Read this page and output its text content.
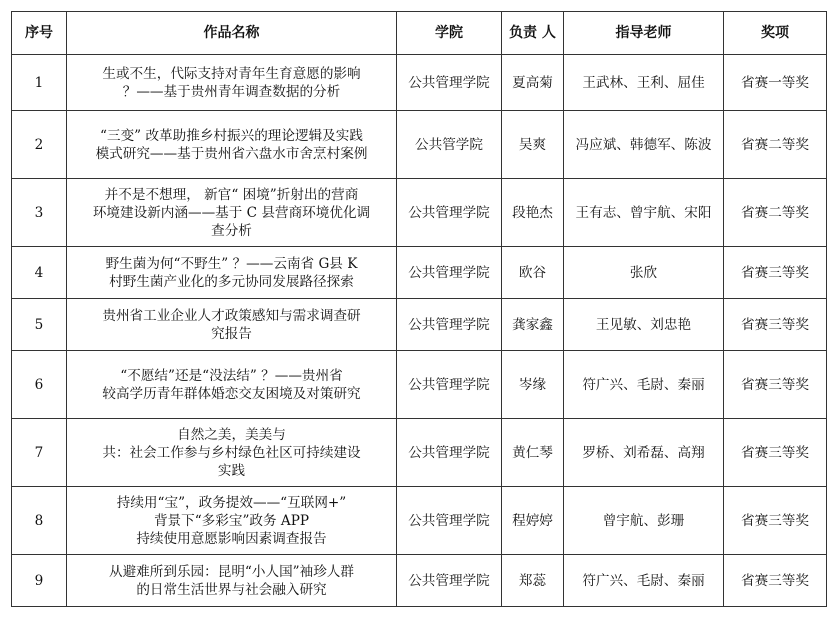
序号	作品名称	学院	负责 人	指导老师	奖项
1	生或不生，代际支持对青年生育意愿的影响
？——基于贵州青年调查数据的分析	公共管理学院	夏高菊	王武林、王利、屈佳	省赛一等奖
2	“三变” 改革助推乡村振兴的理论逻辑及实践
模式研究——基于贵州省六盘水市舍烹村案例	公共管学院	吴爽	冯应斌、韩德军、陈波	省赛二等奖
3	并不是不想理， 新官“ 困境”折射出的营商
环境建设新内涵——基于 C 县营商环境优化调
查分析	公共管理学院	段艳杰	王有志、曾宇航、宋阳	省赛二等奖
4	野生菌为何“不野生” ？——云南省 G县 K
村野生菌产业化的多元协同发展路径探索	公共管理学院	欧谷	张欣	省赛三等奖
5	贵州省工业企业人才政策感知与需求调查研
究报告	公共管理学院	龚家鑫	王见敏、刘忠艳	省赛三等奖
6	“不愿结”还是“没法结” ？——贵州省
较高学历青年群体婚恋交友困境及对策研究	公共管理学院	岑缘	符广兴、毛尉、秦丽	省赛三等奖
7	自然之美，美美与
共：社会工作参与乡村绿色社区可持续建设
实践	公共管理学院	黄仁琴	罗桥、刘希磊、高翔	省赛三等奖
8	持续用“宝”，政务提效——“互联网+”
背景下“多彩宝”政务 APP
持续使用意愿影响因素调查报告	公共管理学院	程婷婷	曾宇航、彭珊	省赛三等奖
9	从避难所到乐园：昆明“小人国”袖珍人群
的日常生活世界与社会融入研究	公共管理学院	郑蕊	符广兴、毛尉、秦丽	省赛三等奖
